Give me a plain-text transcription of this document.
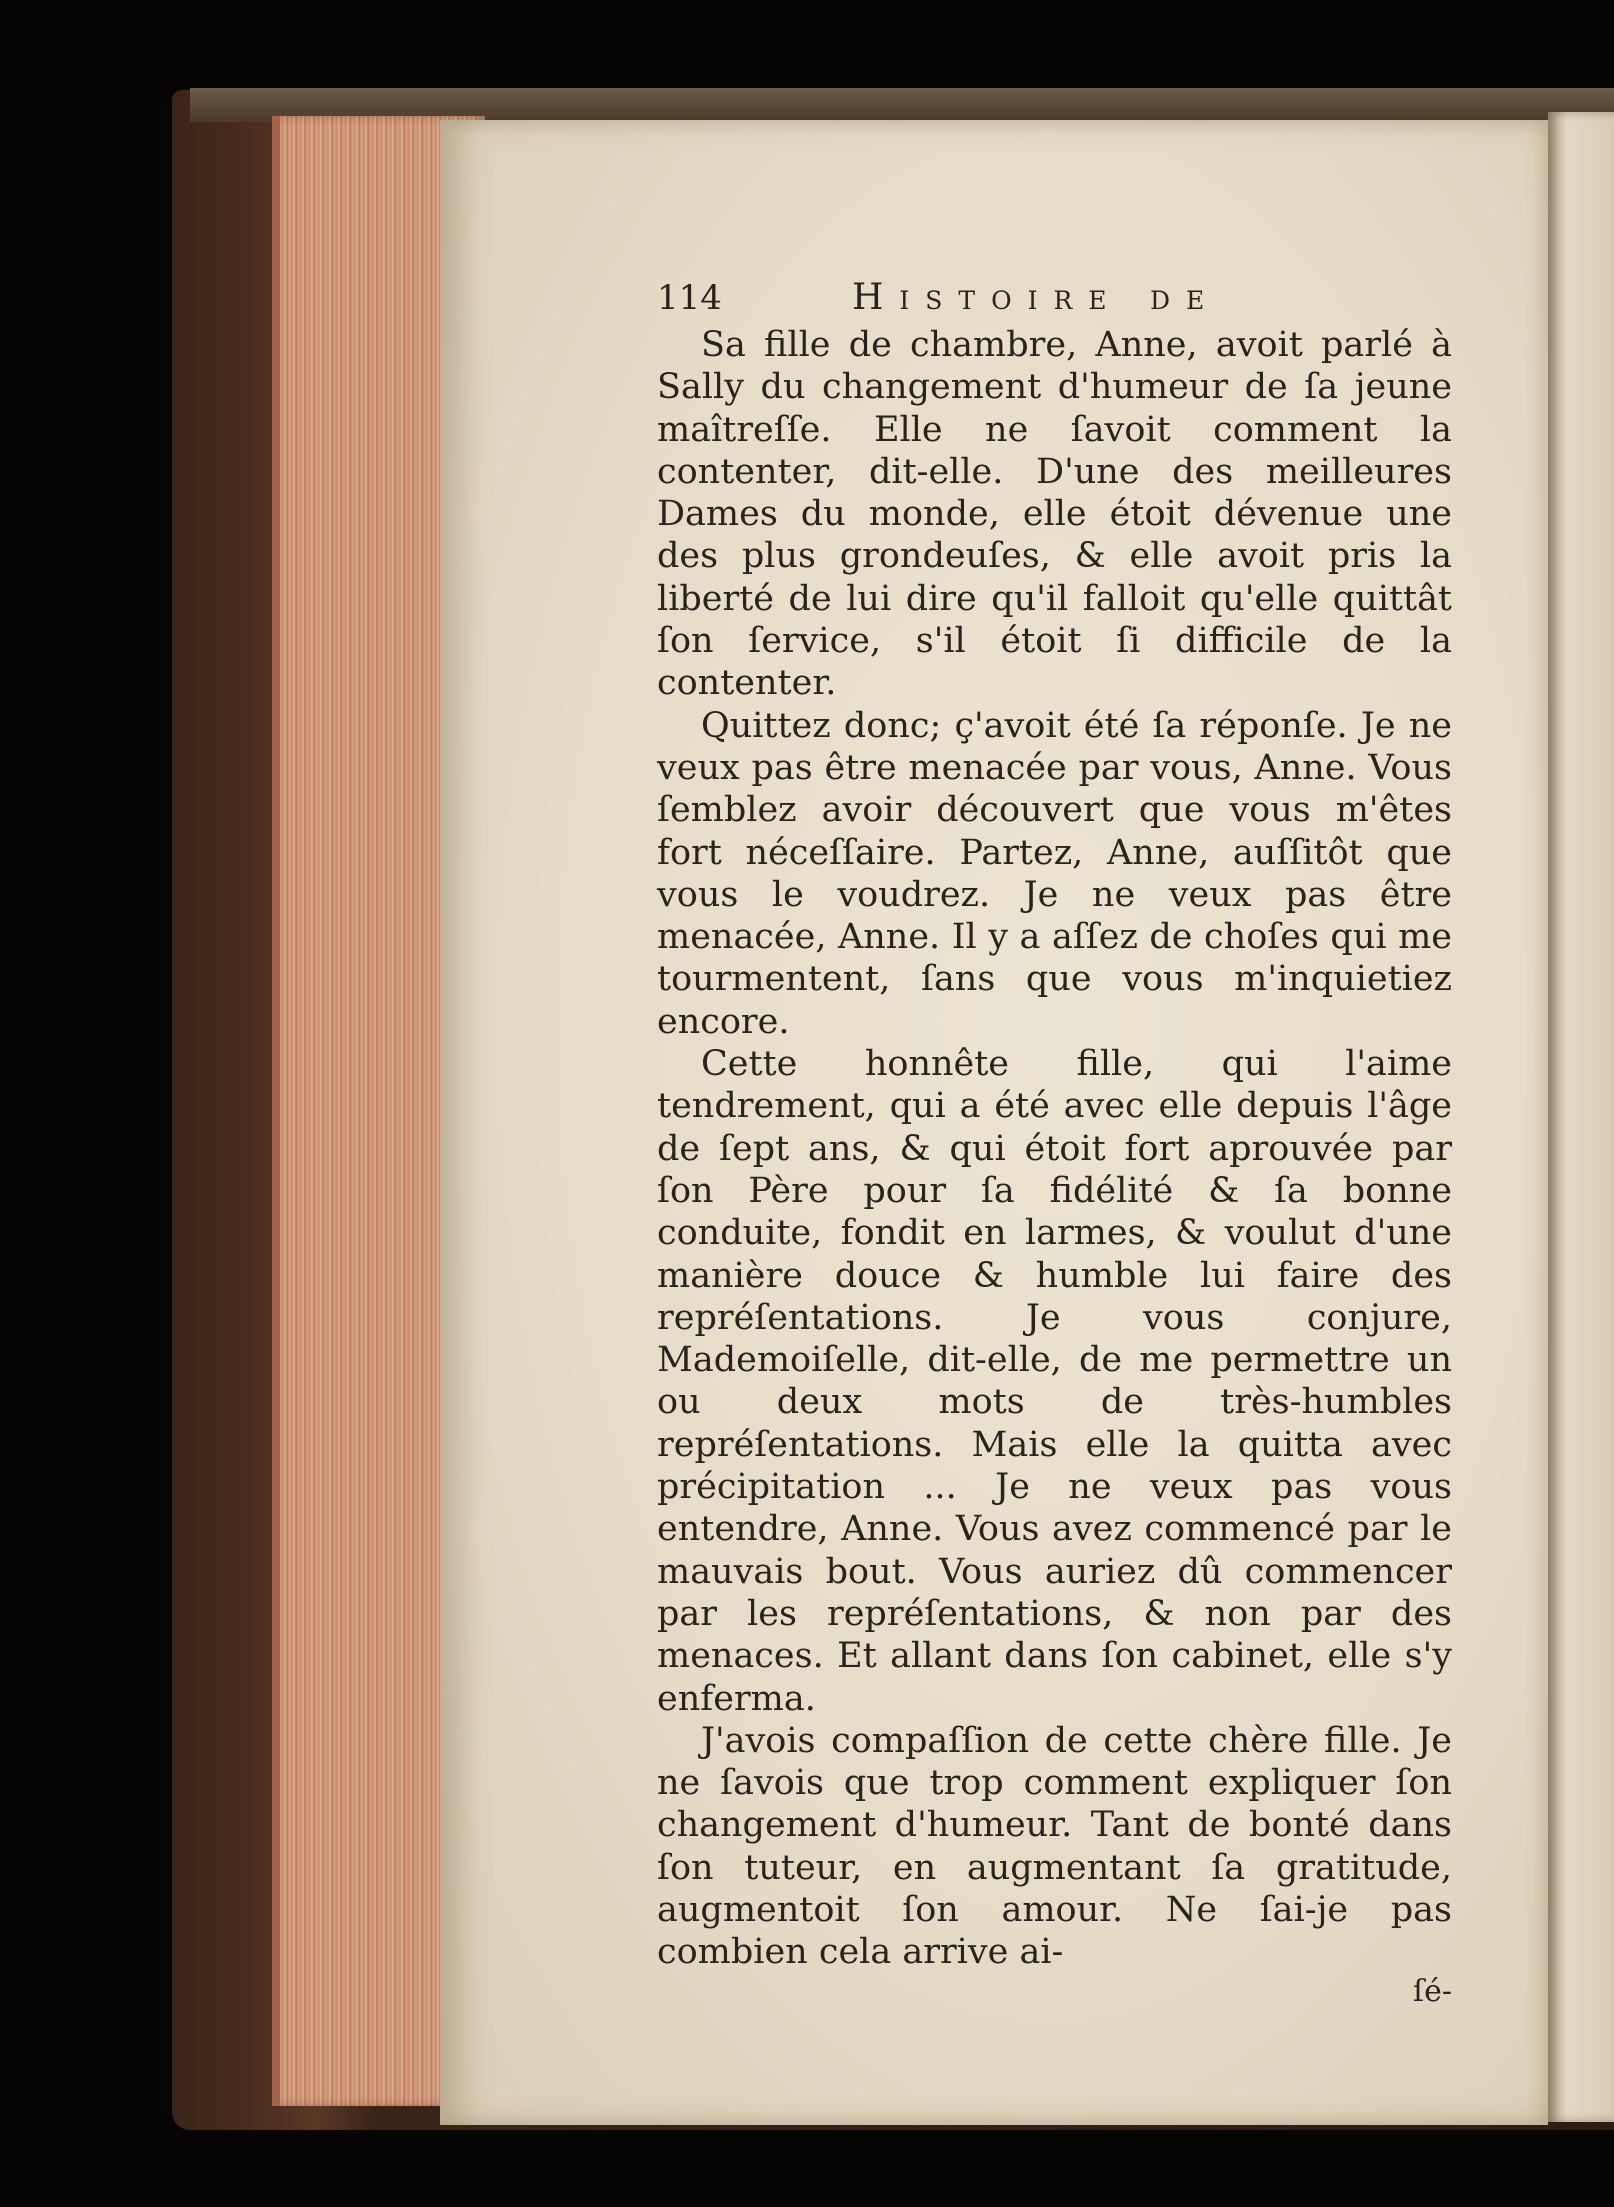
114	Histoire de

Sa fille de chambre, Anne, avoit parlé à Sally du changement d'humeur de ſa jeune maîtreſſe. Elle ne ſavoit comment la contenter, dit-elle. D'une des meilleures Dames du monde, elle étoit dévenue une des plus grondeuſes, & elle avoit pris la liberté de lui dire qu'il falloit qu'elle quittât ſon ſervice, s'il étoit ſi difficile de la contenter.

Quittez donc; ç'avoit été ſa réponſe. Je ne veux pas être menacée par vous, Anne. Vous ſemblez avoir découvert que vous m'êtes fort néceſſaire. Partez, Anne, auſſitôt que vous le voudrez. Je ne veux pas être menacée, Anne. Il y a aſſez de choſes qui me tourmentent, ſans que vous m'inquietiez encore.

Cette honnête fille, qui l'aime tendrement, qui a été avec elle depuis l'âge de ſept ans, & qui étoit fort aprouvée par ſon Père pour ſa fidélité & ſa bonne conduite, fondit en larmes, & voulut d'une manière douce & humble lui faire des repréſentations. Je vous conjure, Mademoiſelle, dit-elle, de me permettre un ou deux mots de très-humbles repréſentations. Mais elle la quitta avec précipitation ... Je ne veux pas vous entendre, Anne. Vous avez commencé par le mauvais bout. Vous auriez dû commencer par les repréſentations, & non par des menaces. Et allant dans ſon cabinet, elle s'y enferma.

J'avois compaſſion de cette chère fille. Je ne ſavois que trop comment expliquer ſon changement d'humeur. Tant de bonté dans ſon tuteur, en augmentant ſa gratitude, augmentoit ſon amour. Ne ſai-je pas combien cela arrive ai-

ſé-
